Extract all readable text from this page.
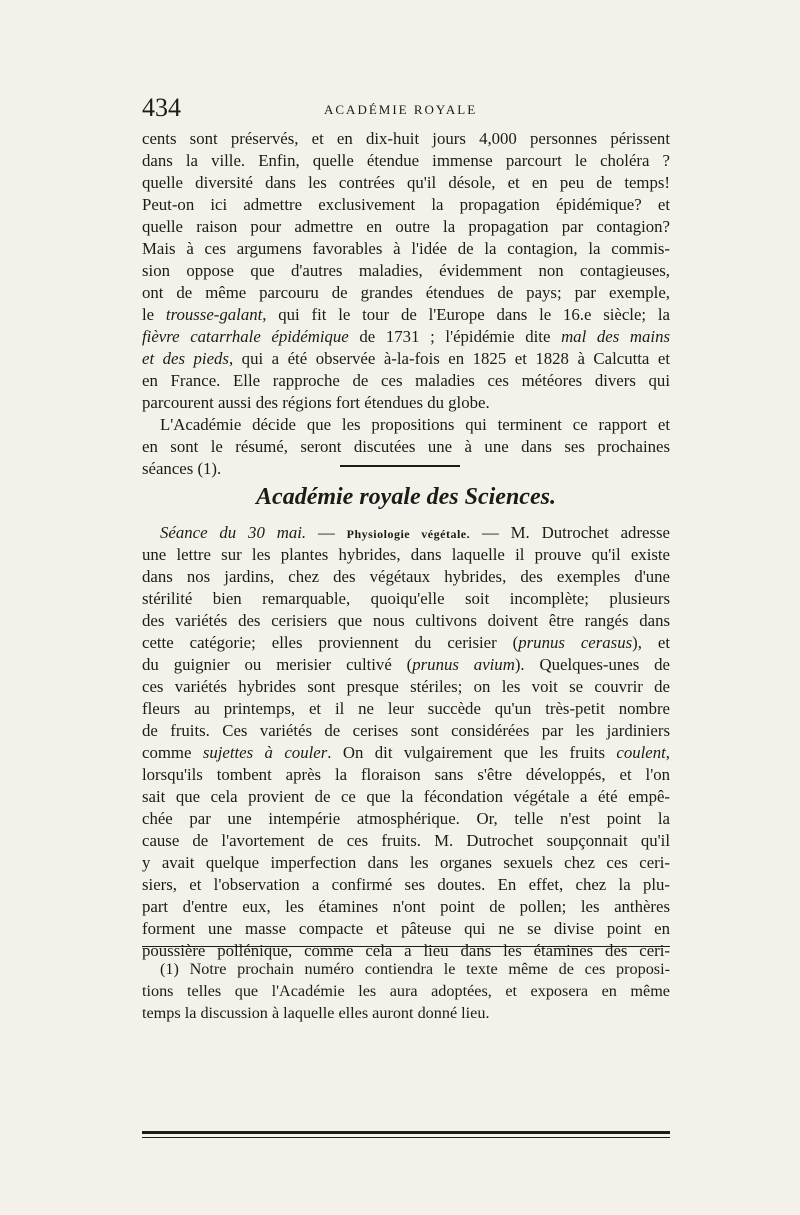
434	ACADÉMIE ROYALE
cents sont préservés, et en dix-huit jours 4,000 personnes périssent
dans la ville. Enfin, quelle étendue immense parcourt le choléra ?
quelle diversité dans les contrées qu'il désole, et en peu de temps!
Peut-on ici admettre exclusivement la propagation épidémique? et
quelle raison pour admettre en outre la propagation par contagion?
Mais à ces argumens favorables à l'idée de la contagion, la commis-
sion oppose que d'autres maladies, évidemment non contagieuses,
ont de même parcouru de grandes étendues de pays; par exemple,
le trousse-galant, qui fit le tour de l'Europe dans le 16.e siècle; la
fièvre catarrhale épidémique de 1731 ; l'épidémie dite mal des mains
et des pieds, qui a été observée à-la-fois en 1825 et 1828 à Calcutta et
en France. Elle rapproche de ces maladies ces météores divers qui
parcourent aussi des régions fort étendues du globe.
L'Académie décide que les propositions qui terminent ce rapport et
en sont le résumé, seront discutées une à une dans ses prochaines
séances (1).
Académie royale des Sciences.
Séance du 30 mai. — Physiologie végétale. — M. Dutrochet adresse
une lettre sur les plantes hybrides, dans laquelle il prouve qu'il existe
dans nos jardins, chez des végétaux hybrides, des exemples d'une
stérilité bien remarquable, quoiqu'elle soit incomplète; plusieurs
des variétés des cerisiers que nous cultivons doivent être rangés dans
cette catégorie; elles proviennent du cerisier (prunus cerasus), et
du guignier ou merisier cultivé (prunus avium). Quelques-unes de
ces variétés hybrides sont presque stériles; on les voit se couvrir de
fleurs au printemps, et il ne leur succède qu'un très-petit nombre
de fruits. Ces variétés de cerises sont considérées par les jardiniers
comme sujettes à couler. On dit vulgairement que les fruits coulent,
lorsqu'ils tombent après la floraison sans s'être développés, et l'on
sait que cela provient de ce que la fécondation végétale a été empê-
chée par une intempérie atmosphérique. Or, telle n'est point la
cause de l'avortement de ces fruits. M. Dutrochet soupçonnait qu'il
y avait quelque imperfection dans les organes sexuels chez ces ceri-
siers, et l'observation a confirmé ses doutes. En effet, chez la plu-
part d'entre eux, les étamines n'ont point de pollen; les anthères
forment une masse compacte et pâteuse qui ne se divise point en
poussière pollénique, comme cela a lieu dans les étamines des ceri-
(1) Notre prochain numéro contiendra le texte même de ces proposi-
tions telles que l'Académie les aura adoptées, et exposera en même
temps la discussion à laquelle elles auront donné lieu.
